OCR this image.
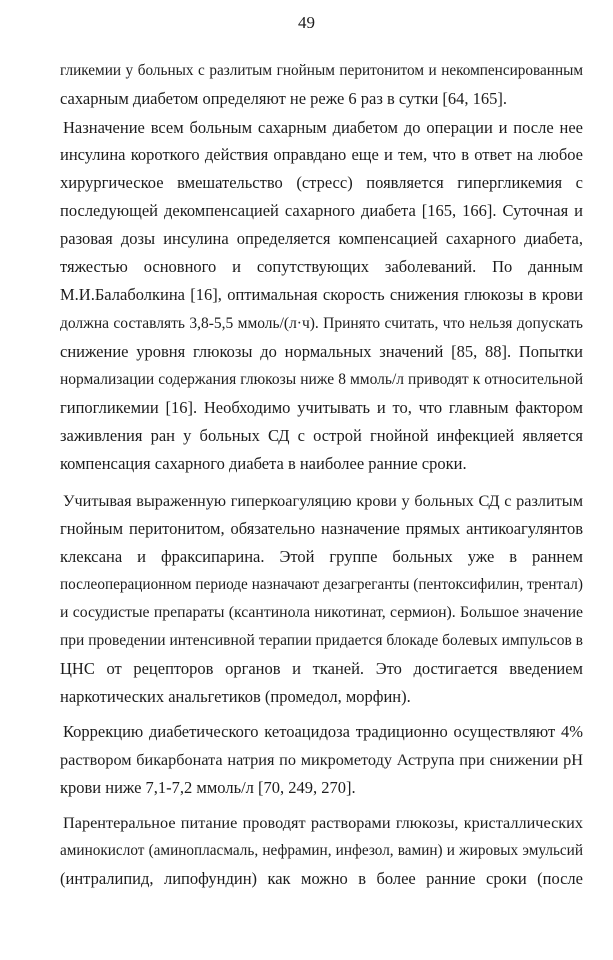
49
гликемии у больных с разлитым гнойным перитонитом и некомпенсированным
сахарным диабетом определяют не реже 6 раз в сутки [64, 165].
Назначение всем больным сахарным диабетом до операции и после нее
инсулина короткого действия оправдано еще и тем, что в ответ на любое
хирургическое вмешательство (стресс) появляется гипергликемия с
последующей декомпенсацией сахарного диабета [165, 166]. Суточная и
разовая дозы инсулина определяется компенсацией сахарного диабета,
тяжестью основного и сопутствующих заболеваний. По данным
М.И.Балаболкина [16], оптимальная скорость снижения глюкозы в крови
должна составлять 3,8-5,5 ммоль/(л·ч). Принято считать, что нельзя допускать
снижение уровня глюкозы до нормальных значений [85, 88]. Попытки
нормализации содержания глюкозы ниже 8 ммоль/л приводят к относительной
гипогликемии [16]. Необходимо учитывать и то, что главным фактором
заживления ран у больных СД с острой гнойной инфекцией является
компенсация сахарного диабета в наиболее ранние сроки.
Учитывая выраженную гиперкоагуляцию крови у больных СД с разлитым
гнойным перитонитом, обязательно назначение прямых антикоагулянтов
клексана и фраксипарина. Этой группе больных уже в раннем
послеоперационном периоде назначают дезагреганты (пентоксифилин, трентал)
и сосудистые препараты (ксантинола никотинат, сермион). Большое значение
при проведении интенсивной терапии придается блокаде болевых импульсов в
ЦНС от рецепторов органов и тканей. Это достигается введением
наркотических анальгетиков (промедол, морфин).
Коррекцию диабетического кетоацидоза традиционно осуществляют 4%
раствором бикарбоната натрия по микрометоду Аструпа при снижении pH
крови ниже 7,1-7,2 ммоль/л [70, 249, 270].
Парентеральное питание проводят растворами глюкозы, кристаллических
аминокислот (аминопласмаль, нефрамин, инфезол, вамин) и жировых эмульсий
(интралипид, липофундин) как можно в более ранние сроки (после
